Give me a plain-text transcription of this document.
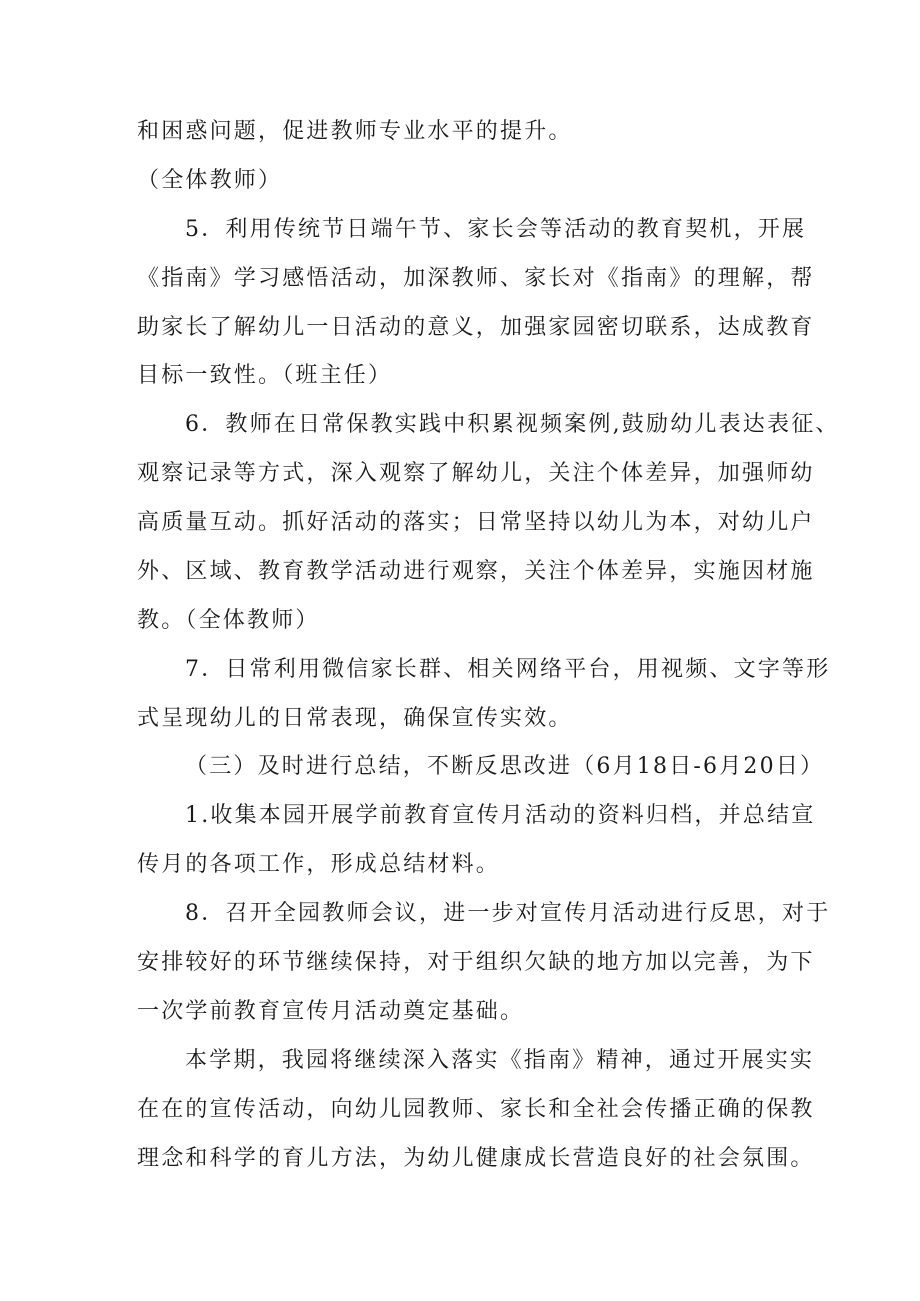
和困惑问题，促进教师专业水平的提升。
（全体教师）
5．利用传统节日端午节、家长会等活动的教育契机，开展
《指南》学习感悟活动，加深教师、家长对《指南》的理解，帮
助家长了解幼儿一日活动的意义，加强家园密切联系，达成教育
目标一致性。（班主任）
6．教师在日常保教实践中积累视频案例,鼓励幼儿表达表征、
观察记录等方式，深入观察了解幼儿，关注个体差异，加强师幼
高质量互动。抓好活动的落实；日常坚持以幼儿为本，对幼儿户
外、区域、教育教学活动进行观察，关注个体差异，实施因材施
教。（全体教师）
7．日常利用微信家长群、相关网络平台，用视频、文字等形
式呈现幼儿的日常表现，确保宣传实效。
（三）及时进行总结，不断反思改进（6月18日-6月20日）
1.收集本园开展学前教育宣传月活动的资料归档，并总结宣
传月的各项工作，形成总结材料。
8．召开全园教师会议，进一步对宣传月活动进行反思，对于
安排较好的环节继续保持，对于组织欠缺的地方加以完善，为下
一次学前教育宣传月活动奠定基础。
本学期，我园将继续深入落实《指南》精神，通过开展实实
在在的宣传活动，向幼儿园教师、家长和全社会传播正确的保教
理念和科学的育儿方法，为幼儿健康成长营造良好的社会氛围。
